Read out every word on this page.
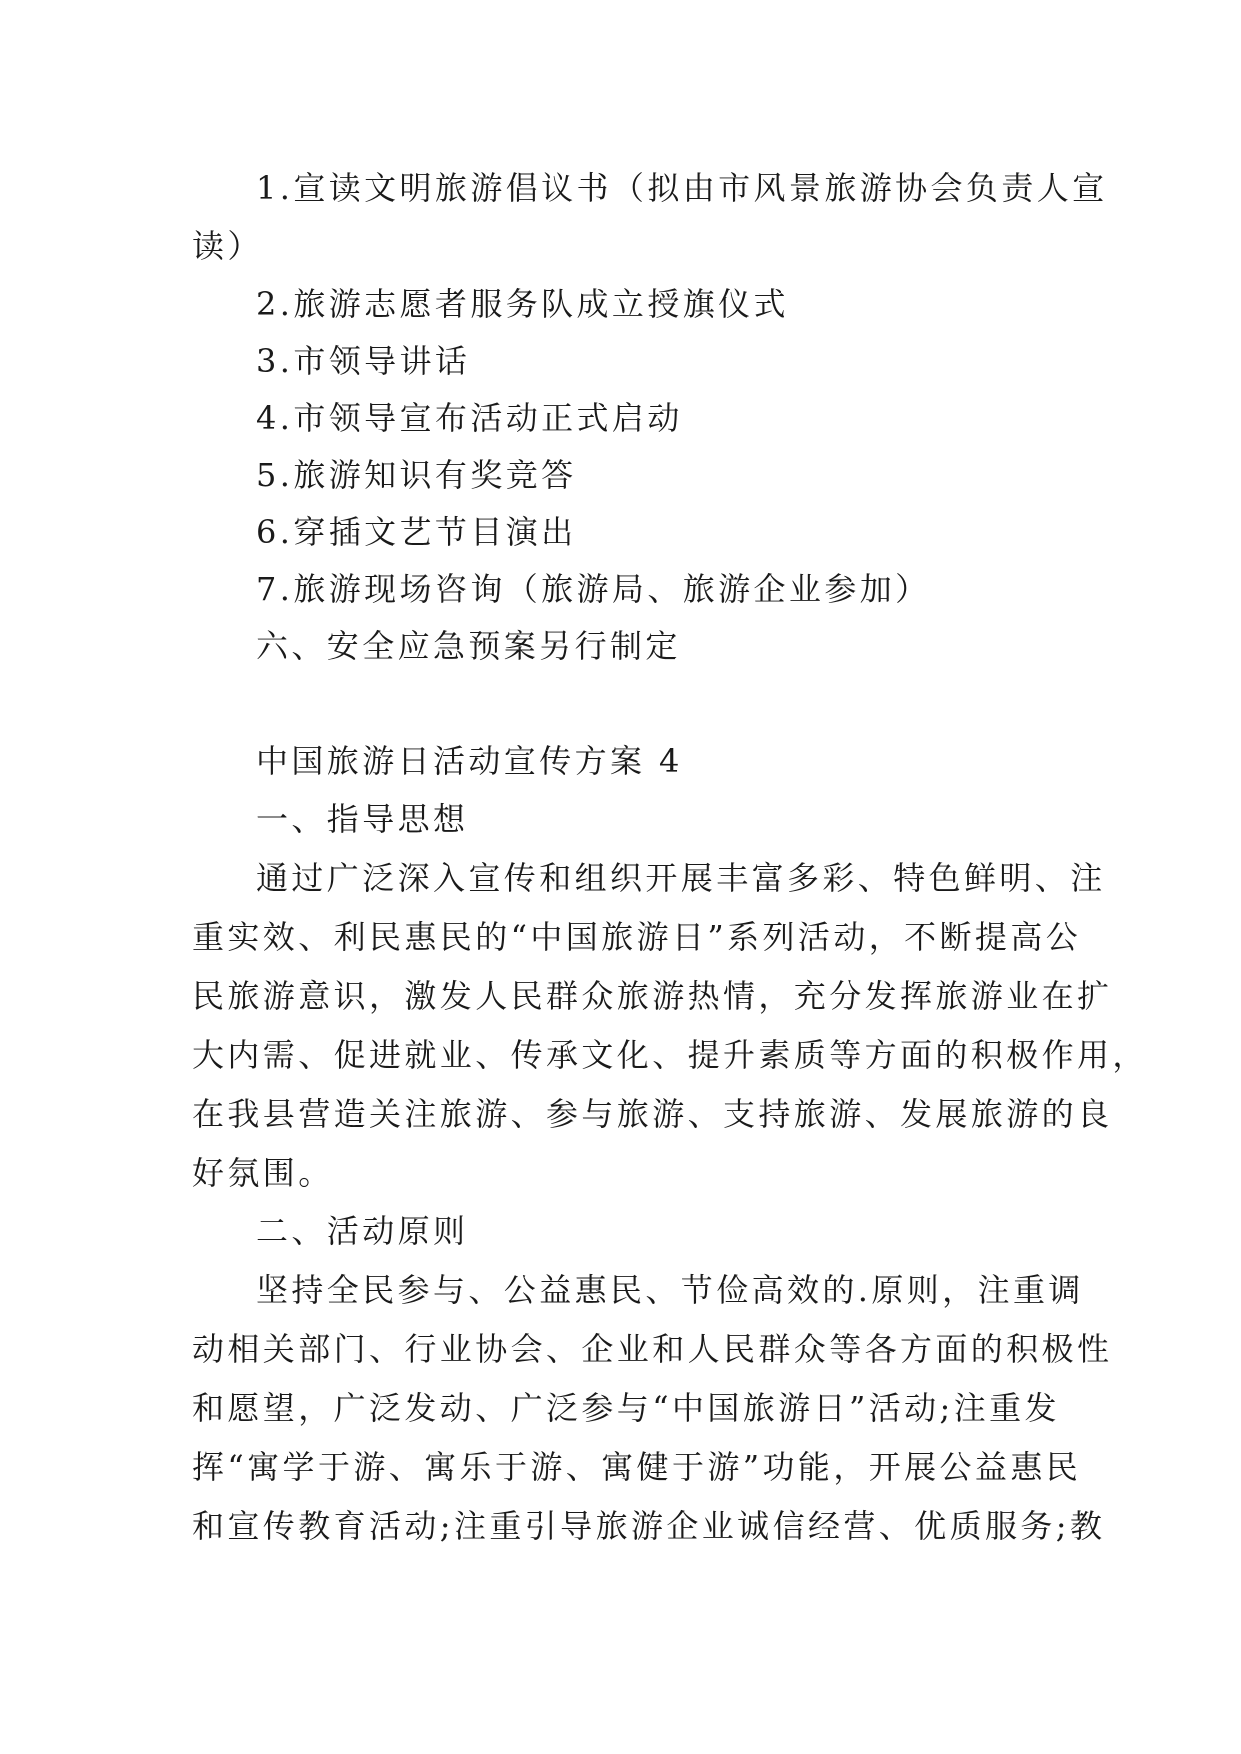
1.宣读文明旅游倡议书（拟由市风景旅游协会负责人宣
读）
2.旅游志愿者服务队成立授旗仪式
3.市领导讲话
4.市领导宣布活动正式启动
5.旅游知识有奖竞答
6.穿插文艺节目演出
7.旅游现场咨询（旅游局、旅游企业参加）
六、安全应急预案另行制定
中国旅游日活动宣传方案 4
一、指导思想
通过广泛深入宣传和组织开展丰富多彩、特色鲜明、注
重实效、利民惠民的“中国旅游日”系列活动，不断提高公
民旅游意识，激发人民群众旅游热情，充分发挥旅游业在扩
大内需、促进就业、传承文化、提升素质等方面的积极作用，
在我县营造关注旅游、参与旅游、支持旅游、发展旅游的良
好氛围。
二、活动原则
坚持全民参与、公益惠民、节俭高效的.原则，注重调
动相关部门、行业协会、企业和人民群众等各方面的积极性
和愿望，广泛发动、广泛参与“中国旅游日”活动;注重发
挥“寓学于游、寓乐于游、寓健于游”功能，开展公益惠民
和宣传教育活动;注重引导旅游企业诚信经营、优质服务;教
